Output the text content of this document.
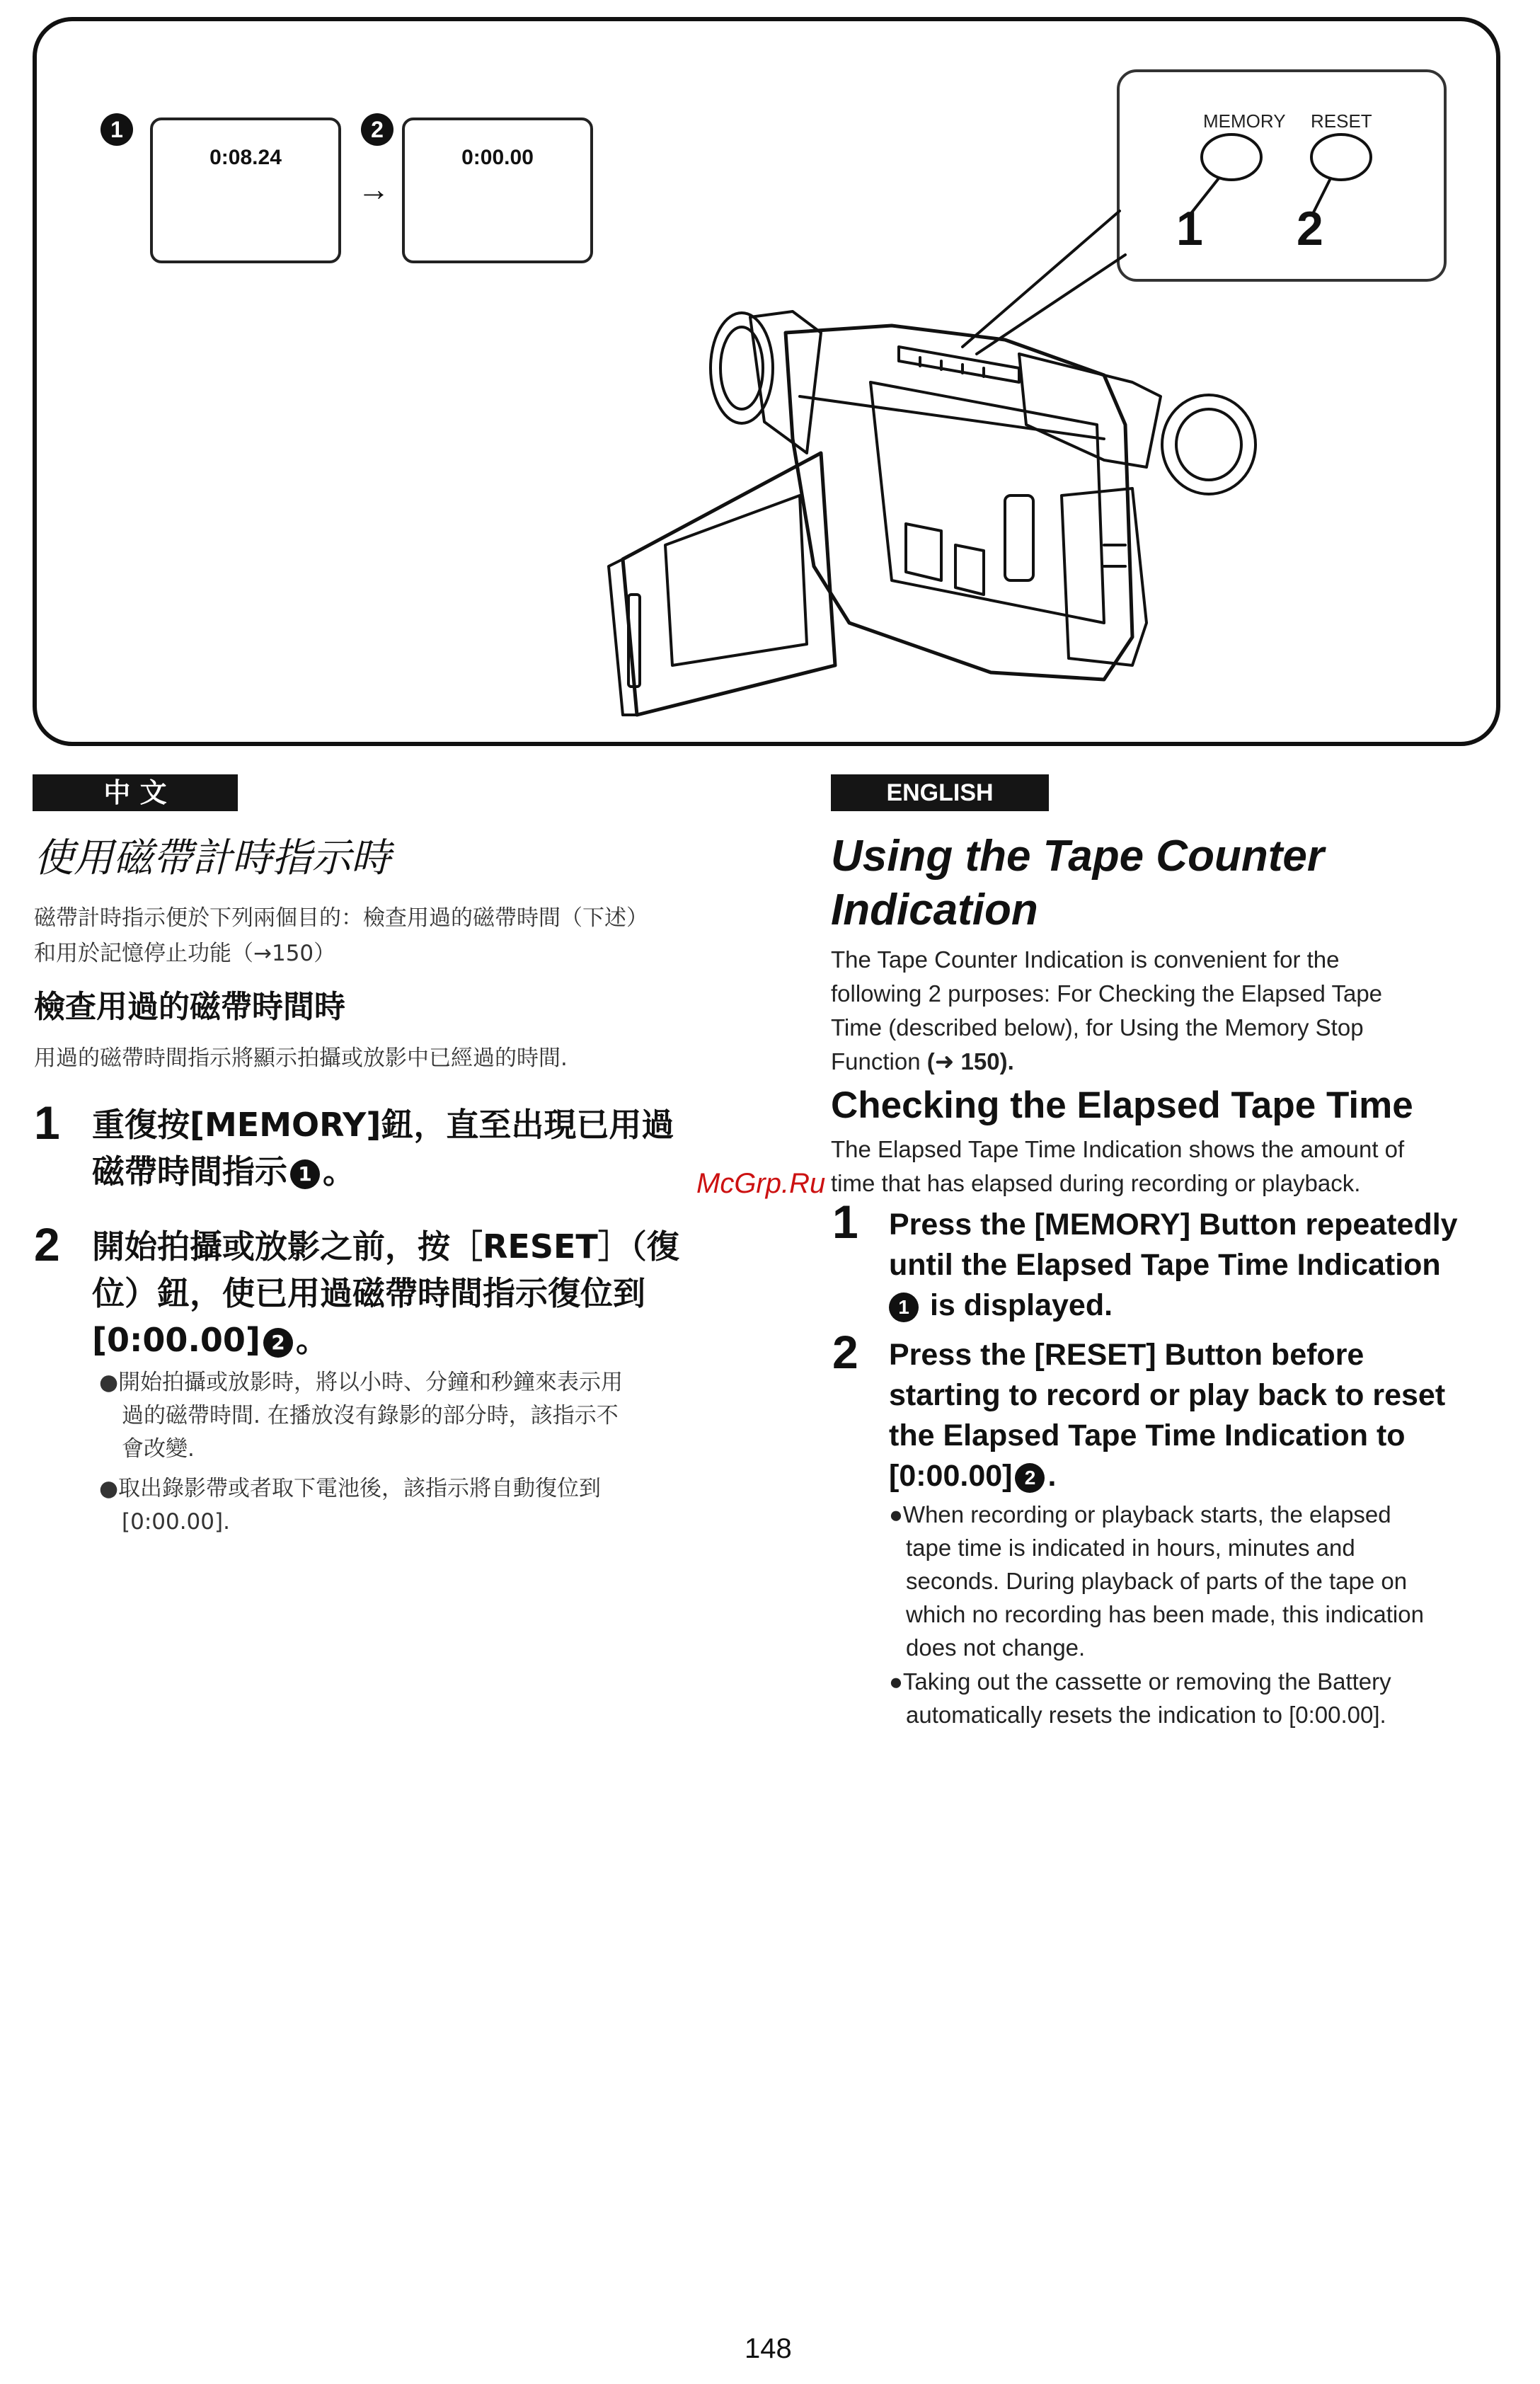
1
0:08.24
2
→
0:00.00
MEMORY RESET
1 2
中 文	ENGLISH
使用磁帶計時指示時
磁帶計時指示便於下列兩個目的：檢查用過的磁帶時間（下述）
和用於記憶停止功能（→150）
檢查用過的磁帶時間時
用過的磁帶時間指示將顯示拍攝或放影中已經過的時間.
1 重復按[MEMORY]鈕，直至出現已用過
磁帶時間指示 1 。
2 開始拍攝或放影之前，按［RESET］（復
位）鈕，使已用過磁帶時間指示復位到
[0:00.00] 2 。
●開始拍攝或放影時，將以小時、分鐘和秒鐘來表示用
過的磁帶時間. 在播放沒有錄影的部分時，該指示不
會改變.
●取出錄影帶或者取下電池後，該指示將自動復位到
[0:00.00].
McGrp.Ru
Using the Tape Counter
Indication
The Tape Counter Indication is convenient for the
following 2 purposes: For Checking the Elapsed Tape
Time (described below), for Using the Memory Stop
Function (➜ 150).
Checking the Elapsed Tape Time
The Elapsed Tape Time Indication shows the amount of
time that has elapsed during recording or playback.
1 Press the [MEMORY] Button repeatedly
until the Elapsed Tape Time Indication
1 is displayed.
2 Press the [RESET] Button before
starting to record or play back to reset
the Elapsed Tape Time Indication to
[0:00.00] 2 .
●When recording or playback starts, the elapsed
tape time is indicated in hours, minutes and
seconds. During playback of parts of the tape on
which no recording has been made, this indication
does not change.
●Taking out the cassette or removing the Battery
automatically resets the indication to [0:00.00].
148
